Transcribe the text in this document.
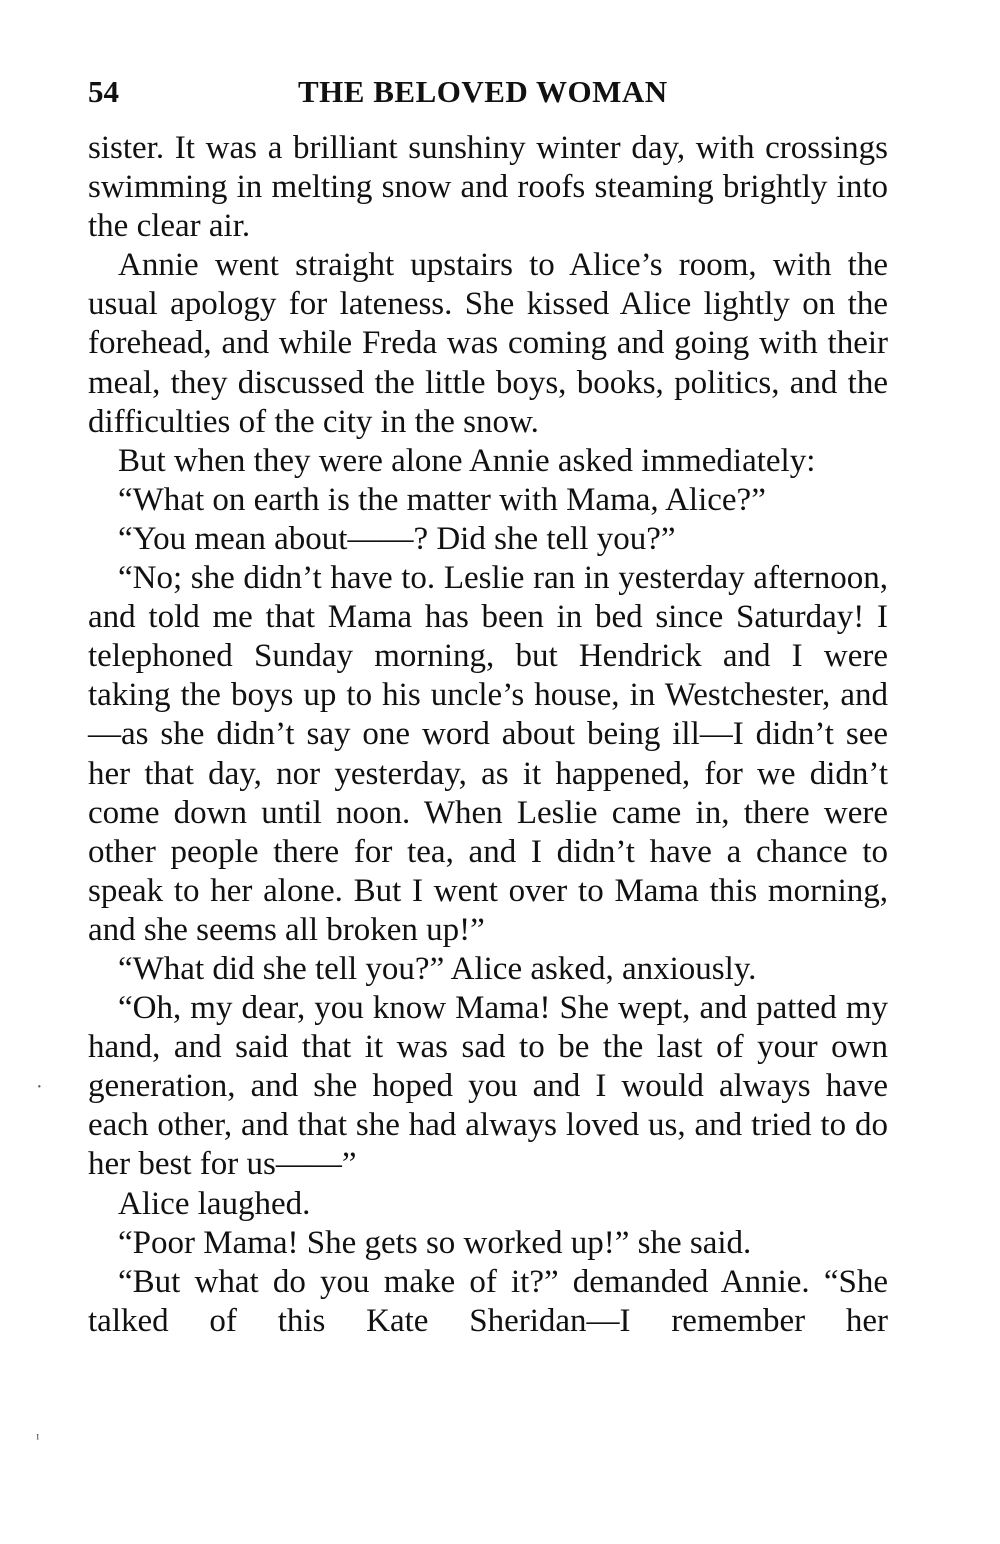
54	THE BELOVED WOMAN

sister. It was a brilliant sunshiny winter day, with crossings swimming in melting snow and roofs steaming brightly into the clear air.

Annie went straight upstairs to Alice’s room, with the usual apology for lateness. She kissed Alice lightly on the forehead, and while Freda was coming and going with their meal, they discussed the little boys, books, politics, and the difficulties of the city in the snow.

But when they were alone Annie asked immediately:

“What on earth is the matter with Mama, Alice?”

“You mean about——? Did she tell you?”

“No; she didn’t have to. Leslie ran in yesterday afternoon, and told me that Mama has been in bed since Saturday! I telephoned Sunday morning, but Hendrick and I were taking the boys up to his uncle’s house, in Westchester, and—as she didn’t say one word about being ill—I didn’t see her that day, nor yesterday, as it happened, for we didn’t come down until noon. When Leslie came in, there were other people there for tea, and I didn’t have a chance to speak to her alone. But I went over to Mama this morning, and she seems all broken up!”

“What did she tell you?” Alice asked, anxiously.

“Oh, my dear, you know Mama! She wept, and patted my hand, and said that it was sad to be the last of your own generation, and she hoped you and I would always have each other, and that she had always loved us, and tried to do her best for us——”

Alice laughed.

“Poor Mama! She gets so worked up!” she said.

“But what do you make of it?” demanded Annie. “She talked of this Kate Sheridan—I remember her

·
ᶦ
